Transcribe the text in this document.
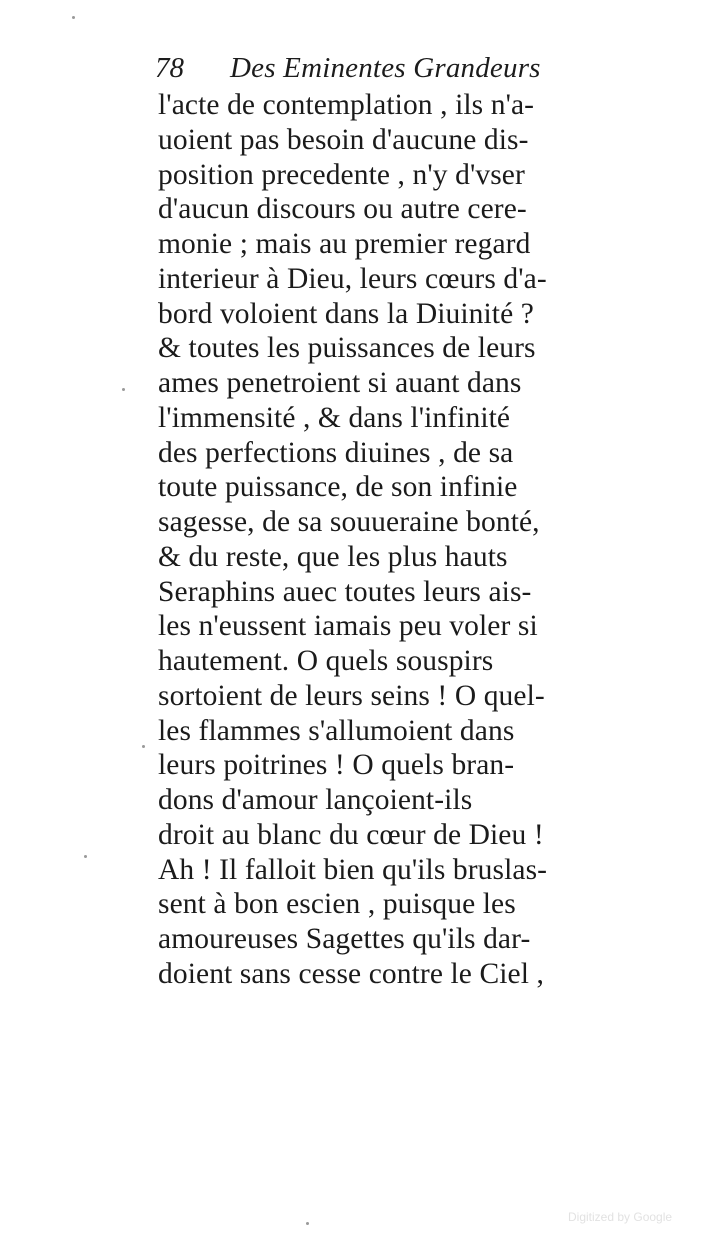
78 Des Eminentes Grandeurs
l'acte de contemplation , ils n'a-
uoient pas besoin d'aucune dis-
position precedente , n'y d'vser
d'aucun discours ou autre cere-
monie ; mais au premier regard
interieur à Dieu, leurs cœurs d'a-
bord voloient dans la Diuinité ?
& toutes les puissances de leurs
ames penetroient si auant dans
l'immensité , & dans l'infinité
des perfections diuines , de sa
toute puissance, de son infinie
sagesse, de sa souueraine bonté,
& du reste, que les plus hauts
Seraphins auec toutes leurs ais-
les n'eussent iamais peu voler si
hautement. O quels souspirs
sortoient de leurs seins ! O quel-
les flammes s'allumoient dans
leurs poitrines ! O quels bran-
dons d'amour lançoient-ils
droit au blanc du cœur de Dieu !
Ah ! Il falloit bien qu'ils bruslas-
sent à bon escien , puisque les
amoureuses Sagettes qu'ils dar-
doient sans cesse contre le Ciel ,
Digitized by Google
